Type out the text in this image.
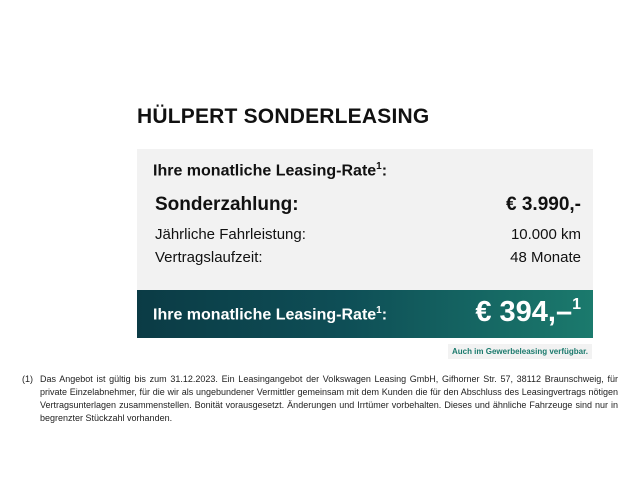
HÜLPERT SONDERLEASING
Ihre monatliche Leasing-Rate$^1$:
Sonderzahlung:	€ 3.990,-
Jährliche Fahrleistung:	10.000 km
Vertragslaufzeit:	48 Monate
Ihre monatliche Leasing-Rate$^1$:	€ 394,–$^1$
Auch im Gewerbeleasing verfügbar.
(1) Das Angebot ist gültig bis zum 31.12.2023. Ein Leasingangebot der Volkswagen Leasing GmbH, Gifhorner Str. 57, 38112 Braunschweig, für private Einzelabnehmer, für die wir als ungebundener Vermittler gemeinsam mit dem Kunden die für den Abschluss des Leasingvertrags nötigen Vertragsunterlagen zusammenstellen. Bonität vorausgesetzt. Änderungen und Irrtümer vorbehalten. Dieses und ähnliche Fahrzeuge sind nur in begrenzter Stückzahl vorhanden.
